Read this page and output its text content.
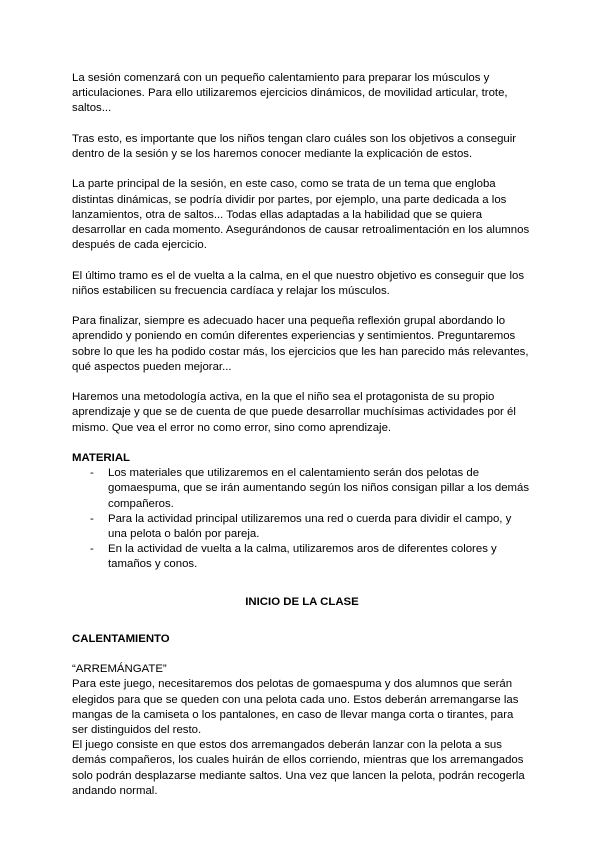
La sesión comenzará con un pequeño calentamiento para preparar los músculos y articulaciones. Para ello utilizaremos ejercicios dinámicos, de movilidad articular, trote, saltos...

Tras esto, es importante que los niños tengan claro cuáles son los objetivos a conseguir dentro de la sesión y se los haremos conocer mediante la explicación de estos.

La parte principal de la sesión, en este caso, como se trata de un tema que engloba distintas dinámicas, se podría dividir por partes, por ejemplo, una parte dedicada a los lanzamientos, otra de saltos... Todas ellas adaptadas a la habilidad que se quiera desarrollar en cada momento. Asegurándonos de causar retroalimentación en los alumnos después de cada ejercicio.

El último tramo es el de vuelta a la calma, en el que nuestro objetivo es conseguir que los niños estabilicen su frecuencia cardíaca y relajar los músculos.

Para finalizar, siempre es adecuado hacer una pequeña reflexión grupal abordando lo aprendido y poniendo en común diferentes experiencias y sentimientos. Preguntaremos sobre lo que les ha podido costar más, los ejercicios que les han parecido más relevantes, qué aspectos pueden mejorar...

Haremos una metodología activa, en la que el niño sea el protagonista de su propio aprendizaje y que se de cuenta de que puede desarrollar muchísimas actividades por él mismo. Que vea el error no como error, sino como aprendizaje.

MATERIAL

- Los materiales que utilizaremos en el calentamiento serán dos pelotas de gomaespuma, que se irán aumentando según los niños consigan pillar a los demás compañeros.
- Para la actividad principal utilizaremos una red o cuerda para dividir el campo, y una pelota o balón por pareja.
- En la actividad de vuelta a la calma, utilizaremos aros de diferentes colores y tamaños y conos.

INICIO DE LA CLASE

CALENTAMIENTO

“ARREMÁNGATE”

Para este juego, necesitaremos dos pelotas de gomaespuma y dos alumnos que serán elegidos para que se queden con una pelota cada uno. Estos deberán arremangarse las mangas de la camiseta o los pantalones, en caso de llevar manga corta o tirantes, para ser distinguidos del resto.

El juego consiste en que estos dos arremangados deberán lanzar con la pelota a sus demás compañeros, los cuales huirán de ellos corriendo, mientras que los arremangados solo podrán desplazarse mediante saltos. Una vez que lancen la pelota, podrán recogerla andando normal.
